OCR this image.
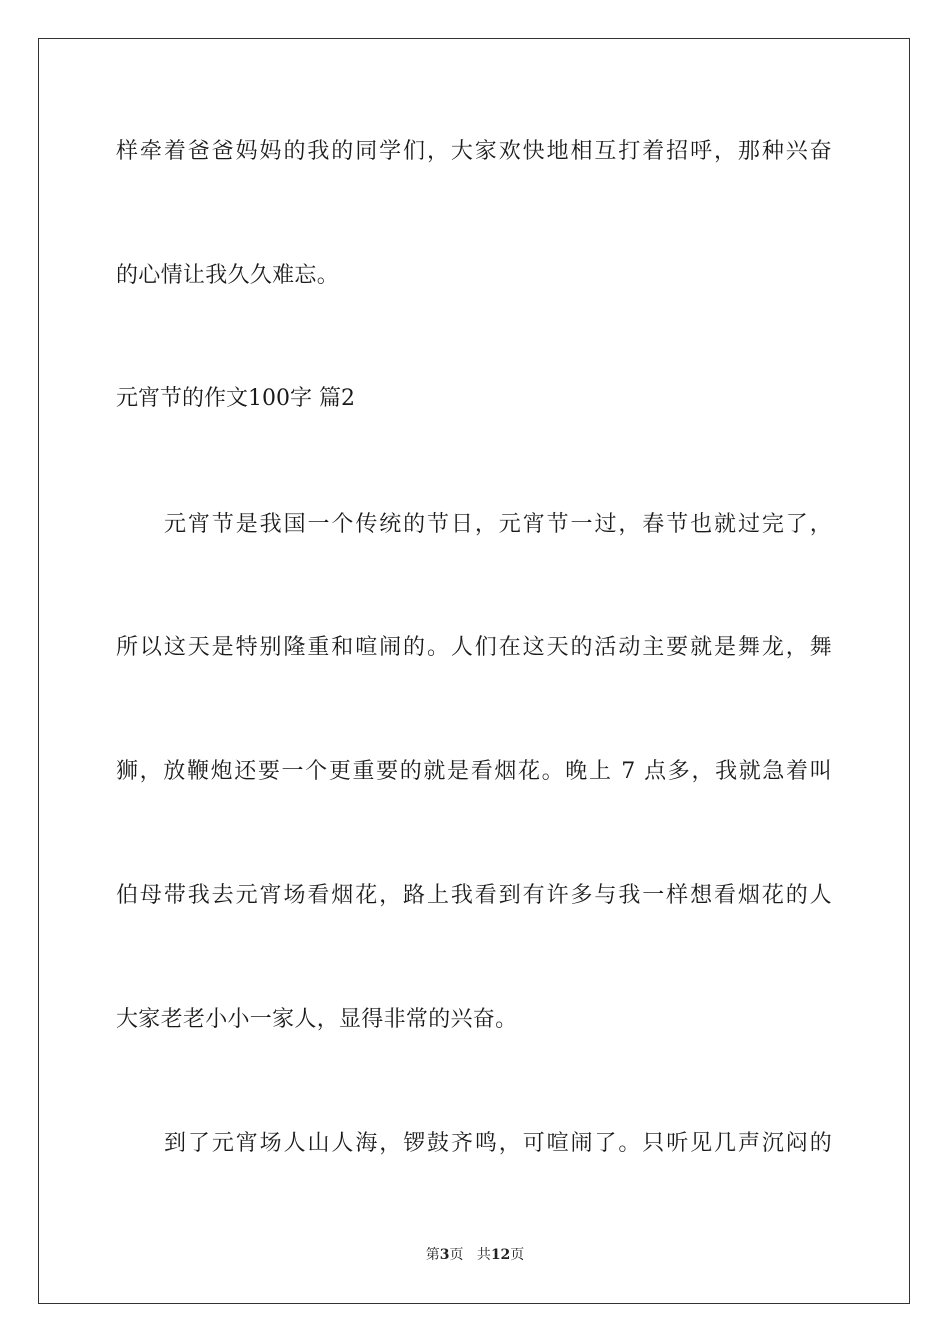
样牵着爸爸妈妈的我的同学们，大家欢快地相互打着招呼，那种兴奋
的心情让我久久难忘。
元宵节的作文100字 篇2
元宵节是我国一个传统的节日，元宵节一过，春节也就过完了，
所以这天是特别隆重和喧闹的。人们在这天的活动主要就是舞龙，舞
狮，放鞭炮还要一个更重要的就是看烟花。晚上 7 点多，我就急着叫
伯母带我去元宵场看烟花，路上我看到有许多与我一样想看烟花的人
大家老老小小一家人，显得非常的兴奋。
到了元宵场人山人海，锣鼓齐鸣，可喧闹了。只听见几声沉闷的
第3页 共12页
